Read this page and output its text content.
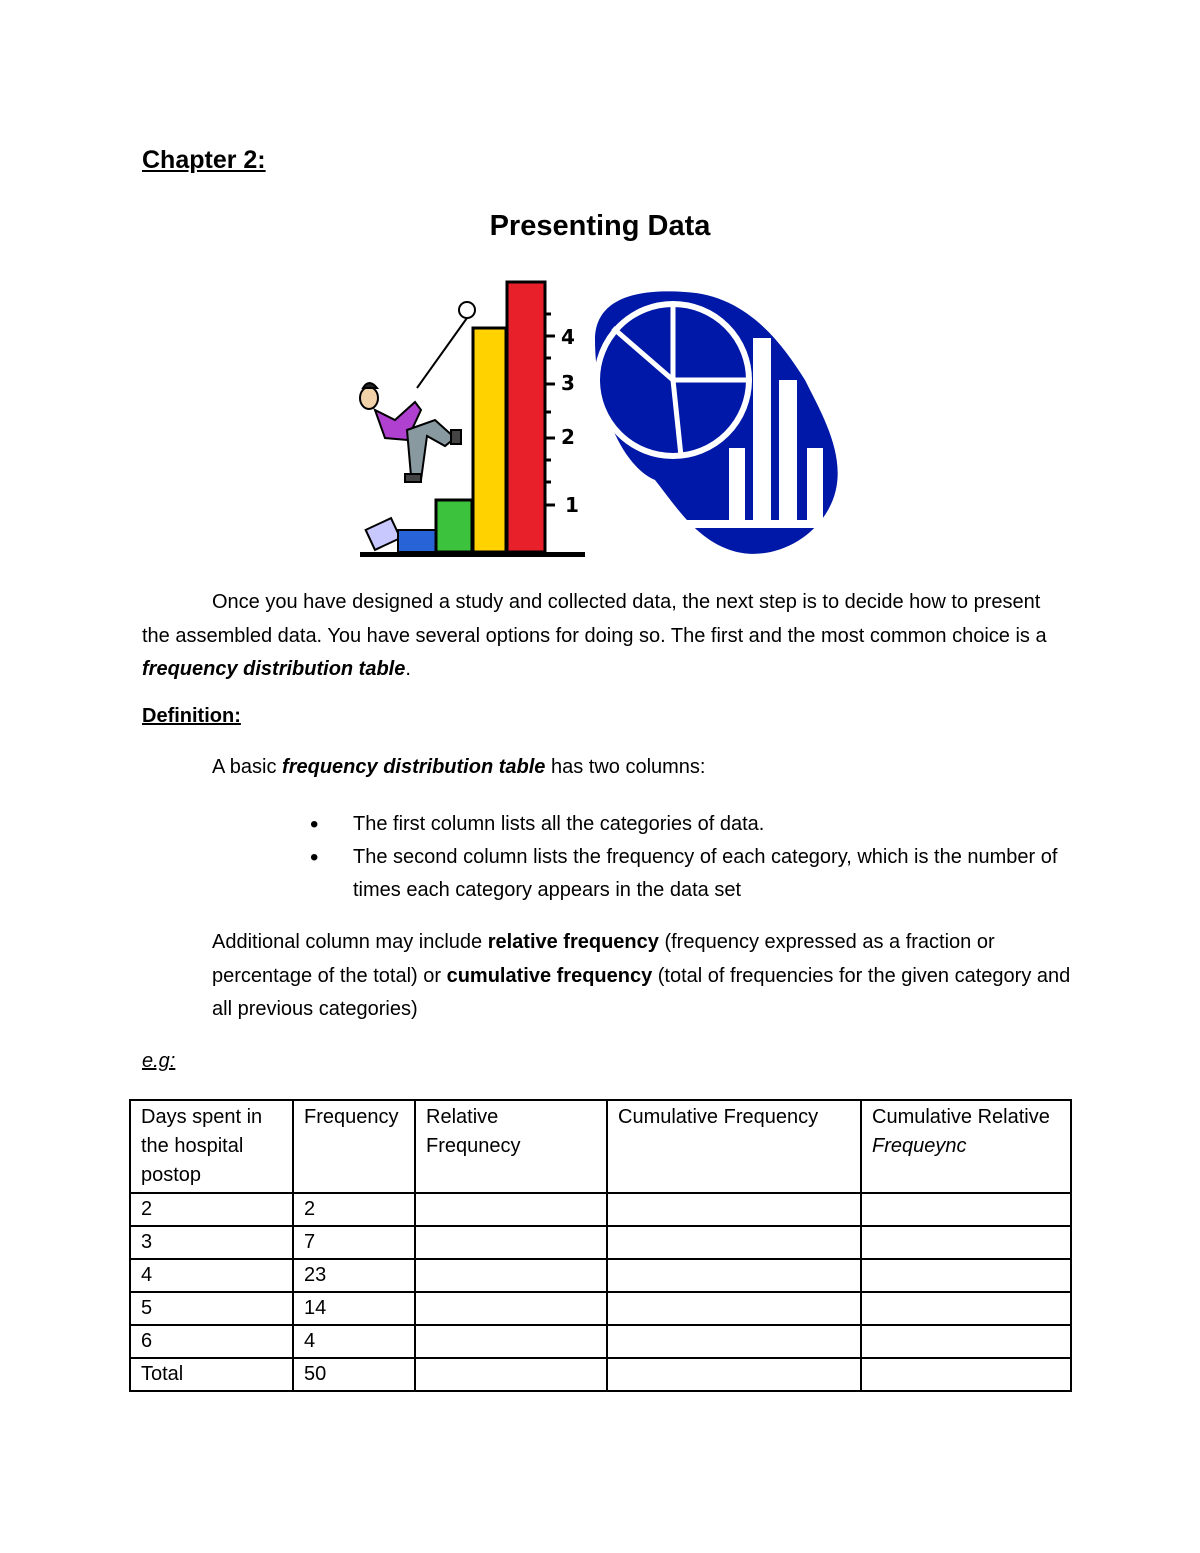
Chapter 2:
Presenting Data
4
3
2
1
Once you have designed a study and collected data, the next step is to decide how to present the assembled data. You have several options for doing so. The first and the most common choice is a frequency distribution table.
Definition:
A basic frequency distribution table has two columns:
• The first column lists all the categories of data.
• The second column lists the frequency of each category, which is the number of times each category appears in the data set
Additional column may include relative frequency (frequency expressed as a fraction or percentage of the total) or cumulative frequency (total of frequencies for the given category and all previous categories)
e.g:
Days spent in the hospital postop	Frequency	Relative Frequnecy	Cumulative Frequency	Cumulative Relative Frequeync
2	2			
3	7			
4	23			
5	14			
6	4			
Total	50			
